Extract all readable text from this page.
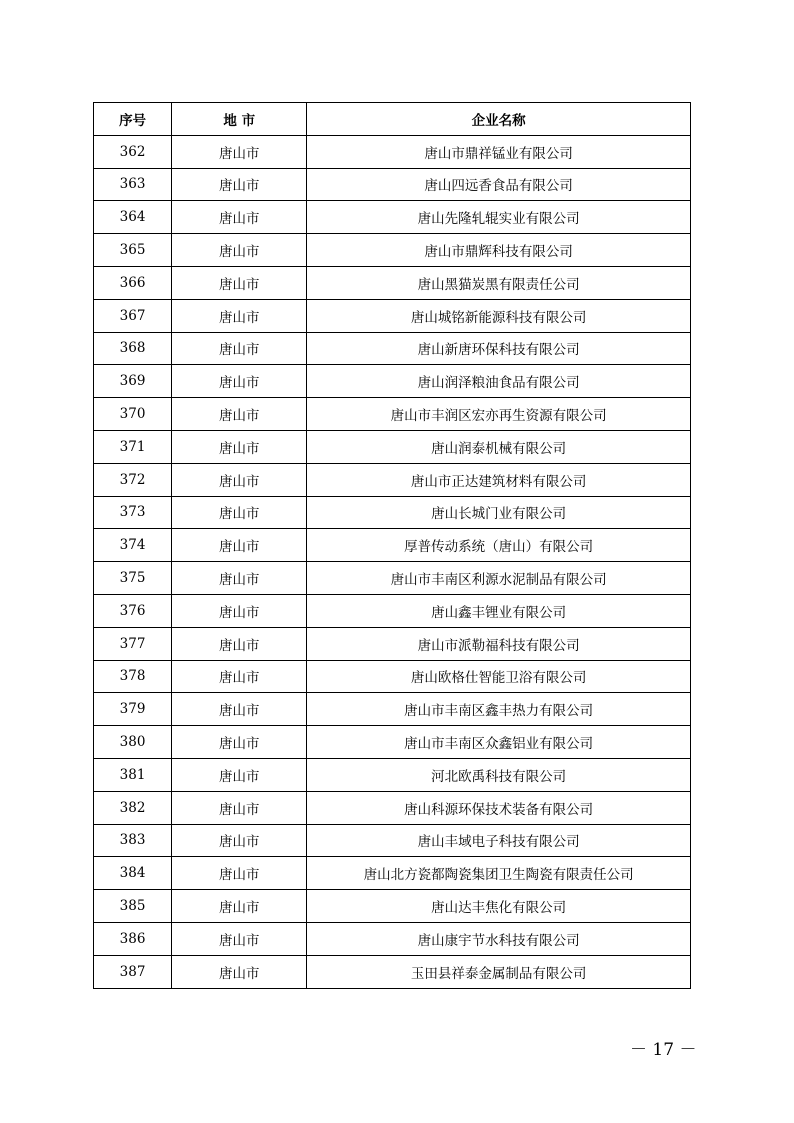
序号	地 市	企业名称
362	唐山市	唐山市鼎祥锰业有限公司
363	唐山市	唐山四远香食品有限公司
364	唐山市	唐山先隆轧辊实业有限公司
365	唐山市	唐山市鼎辉科技有限公司
366	唐山市	唐山黑猫炭黑有限责任公司
367	唐山市	唐山城铭新能源科技有限公司
368	唐山市	唐山新唐环保科技有限公司
369	唐山市	唐山润泽粮油食品有限公司
370	唐山市	唐山市丰润区宏亦再生资源有限公司
371	唐山市	唐山润泰机械有限公司
372	唐山市	唐山市正达建筑材料有限公司
373	唐山市	唐山长城门业有限公司
374	唐山市	厚普传动系统（唐山）有限公司
375	唐山市	唐山市丰南区利源水泥制品有限公司
376	唐山市	唐山鑫丰锂业有限公司
377	唐山市	唐山市派勒福科技有限公司
378	唐山市	唐山欧格仕智能卫浴有限公司
379	唐山市	唐山市丰南区鑫丰热力有限公司
380	唐山市	唐山市丰南区众鑫铝业有限公司
381	唐山市	河北欧禹科技有限公司
382	唐山市	唐山科源环保技术装备有限公司
383	唐山市	唐山丰域电子科技有限公司
384	唐山市	唐山北方瓷都陶瓷集团卫生陶瓷有限责任公司
385	唐山市	唐山达丰焦化有限公司
386	唐山市	唐山康宇节水科技有限公司
387	唐山市	玉田县祥泰金属制品有限公司
－ 17 －
